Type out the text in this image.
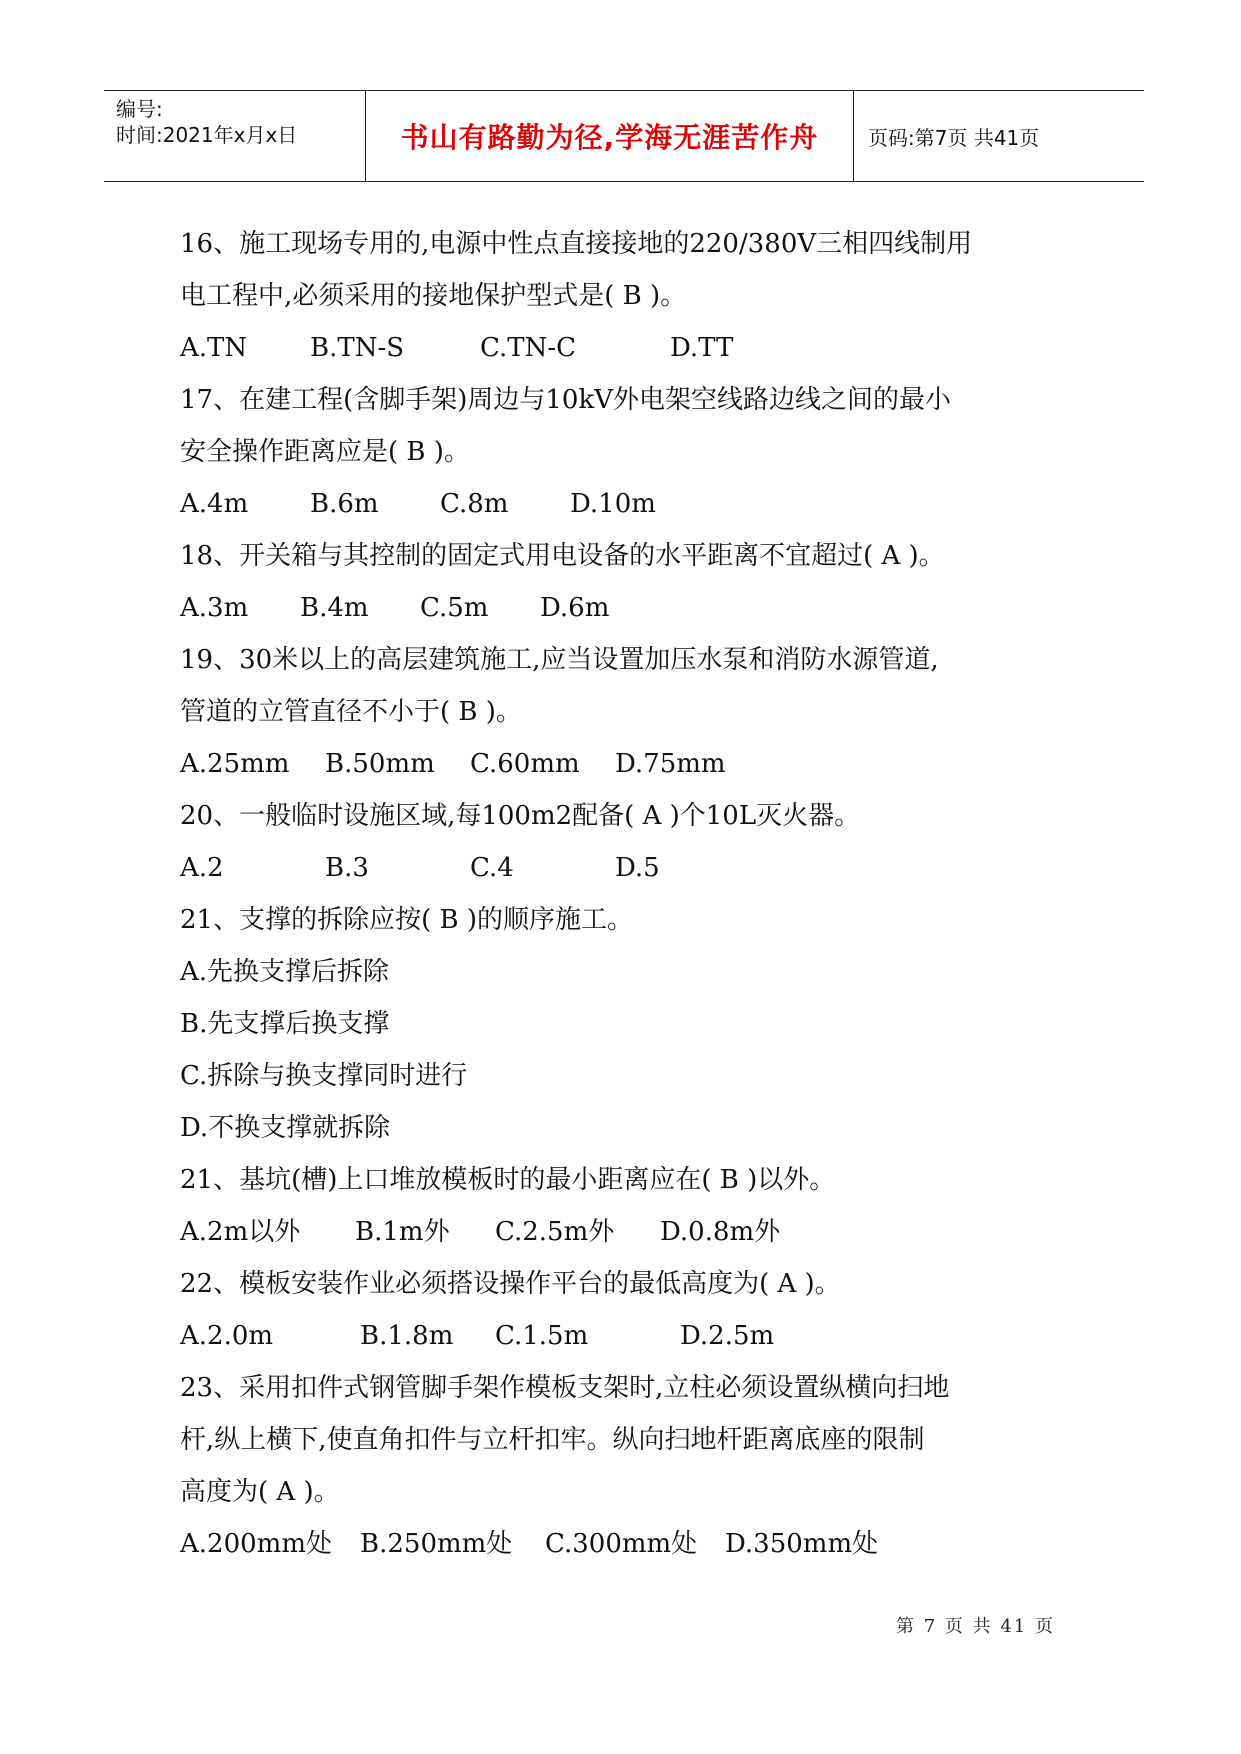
编号:
时间:2021年x月x日	书山有路勤为径,学海无涯苦作舟	页码:第7页 共41页
16、施工现场专用的,电源中性点直接接地的220/380V三相四线制用
电工程中,必须采用的接地保护型式是( B )。
A.TN	B.TN-S	C.TN-C	D.TT
17、在建工程(含脚手架)周边与10kV外电架空线路边线之间的最小
安全操作距离应是( B )。
A.4m	B.6m	C.8m	D.10m
18、开关箱与其控制的固定式用电设备的水平距离不宜超过( A )。
A.3m	B.4m	C.5m	D.6m
19、30米以上的高层建筑施工,应当设置加压水泵和消防水源管道,
管道的立管直径不小于( B )。
A.25mm	B.50mm	C.60mm	D.75mm
20、一般临时设施区域,每100m2配备( A )个10L灭火器。
A.2	B.3	C.4	D.5
21、支撑的拆除应按( B )的顺序施工。
A.先换支撑后拆除
B.先支撑后换支撑
C.拆除与换支撑同时进行
D.不换支撑就拆除
21、基坑(槽)上口堆放模板时的最小距离应在( B )以外。
A.2m以外	B.1m外	C.2.5m外	D.0.8m外
22、模板安装作业必须搭设操作平台的最低高度为( A )。
A.2.0m	B.1.8m	C.1.5m	D.2.5m
23、采用扣件式钢管脚手架作模板支架时,立柱必须设置纵横向扫地
杆,纵上横下,使直角扣件与立杆扣牢。纵向扫地杆距离底座的限制
高度为( A )。
A.200mm处	B.250mm处	C.300mm处	D.350mm处
第 7 页 共 41 页
